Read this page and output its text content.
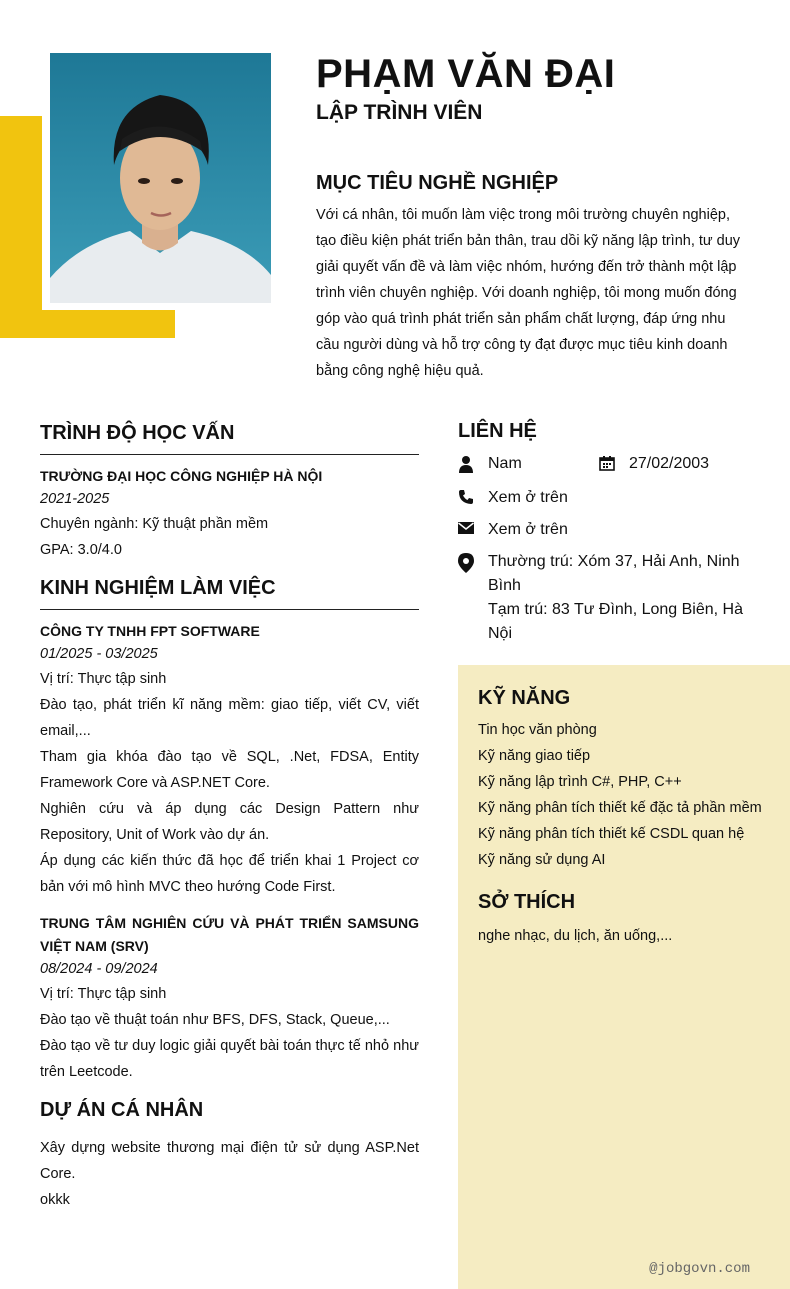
PHẠM VĂN ĐẠI
LẬP TRÌNH VIÊN
MỤC TIÊU NGHỀ NGHIỆP

Với cá nhân, tôi muốn làm việc trong môi trường chuyên nghiệp, tạo điều kiện phát triển bản thân, trau dồi kỹ năng lập trình, tư duy giải quyết vấn đề và làm việc nhóm, hướng đến trở thành một lập trình viên chuyên nghiệp. Với doanh nghiệp, tôi mong muốn đóng góp vào quá trình phát triển sản phẩm chất lượng, đáp ứng nhu cầu người dùng và hỗ trợ công ty đạt được mục tiêu kinh doanh bằng công nghệ hiệu quả.

TRÌNH ĐỘ HỌC VẤN
TRƯỜNG ĐẠI HỌC CÔNG NGHIỆP HÀ NỘI
2021-2025
Chuyên ngành: Kỹ thuật phần mềm
GPA: 3.0/4.0
KINH NGHIỆM LÀM VIỆC
CÔNG TY TNHH FPT SOFTWARE
01/2025 - 03/2025
Vị trí: Thực tập sinh
Đào tạo, phát triển kĩ năng mềm: giao tiếp, viết CV, viết email,...
Tham gia khóa đào tạo về SQL, .Net, FDSA, Entity Framework Core và ASP.NET Core.
Nghiên cứu và áp dụng các Design Pattern như Repository, Unit of Work vào dự án.
Áp dụng các kiến thức đã học để triển khai 1 Project cơ bản với mô hình MVC theo hướng Code First.
TRUNG TÂM NGHIÊN CỨU VÀ PHÁT TRIỂN SAMSUNG VIỆT NAM (SRV)
08/2024 - 09/2024
Vị trí: Thực tập sinh
Đào tạo về thuật toán như BFS, DFS, Stack, Queue,...
Đào tạo về tư duy logic giải quyết bài toán thực tế nhỏ như trên Leetcode.
DỰ ÁN CÁ NHÂN
Xây dựng website thương mại điện tử sử dụng ASP.Net Core.
okkk
LIÊN HỆ
Nam	27/02/2003
Xem ở trên
Xem ở trên
Thường trú: Xóm 37, Hải Anh, Ninh Bình
Tạm trú: 83 Tư Đình, Long Biên, Hà Nội
KỸ NĂNG
Tin học văn phòng
Kỹ năng giao tiếp
Kỹ năng lập trình C#, PHP, C++
Kỹ năng phân tích thiết kế đặc tả phần mềm
Kỹ năng phân tích thiết kế CSDL quan hệ
Kỹ năng sử dụng AI
SỞ THÍCH
nghe nhạc, du lịch, ăn uống,...
@jobgovn.com
